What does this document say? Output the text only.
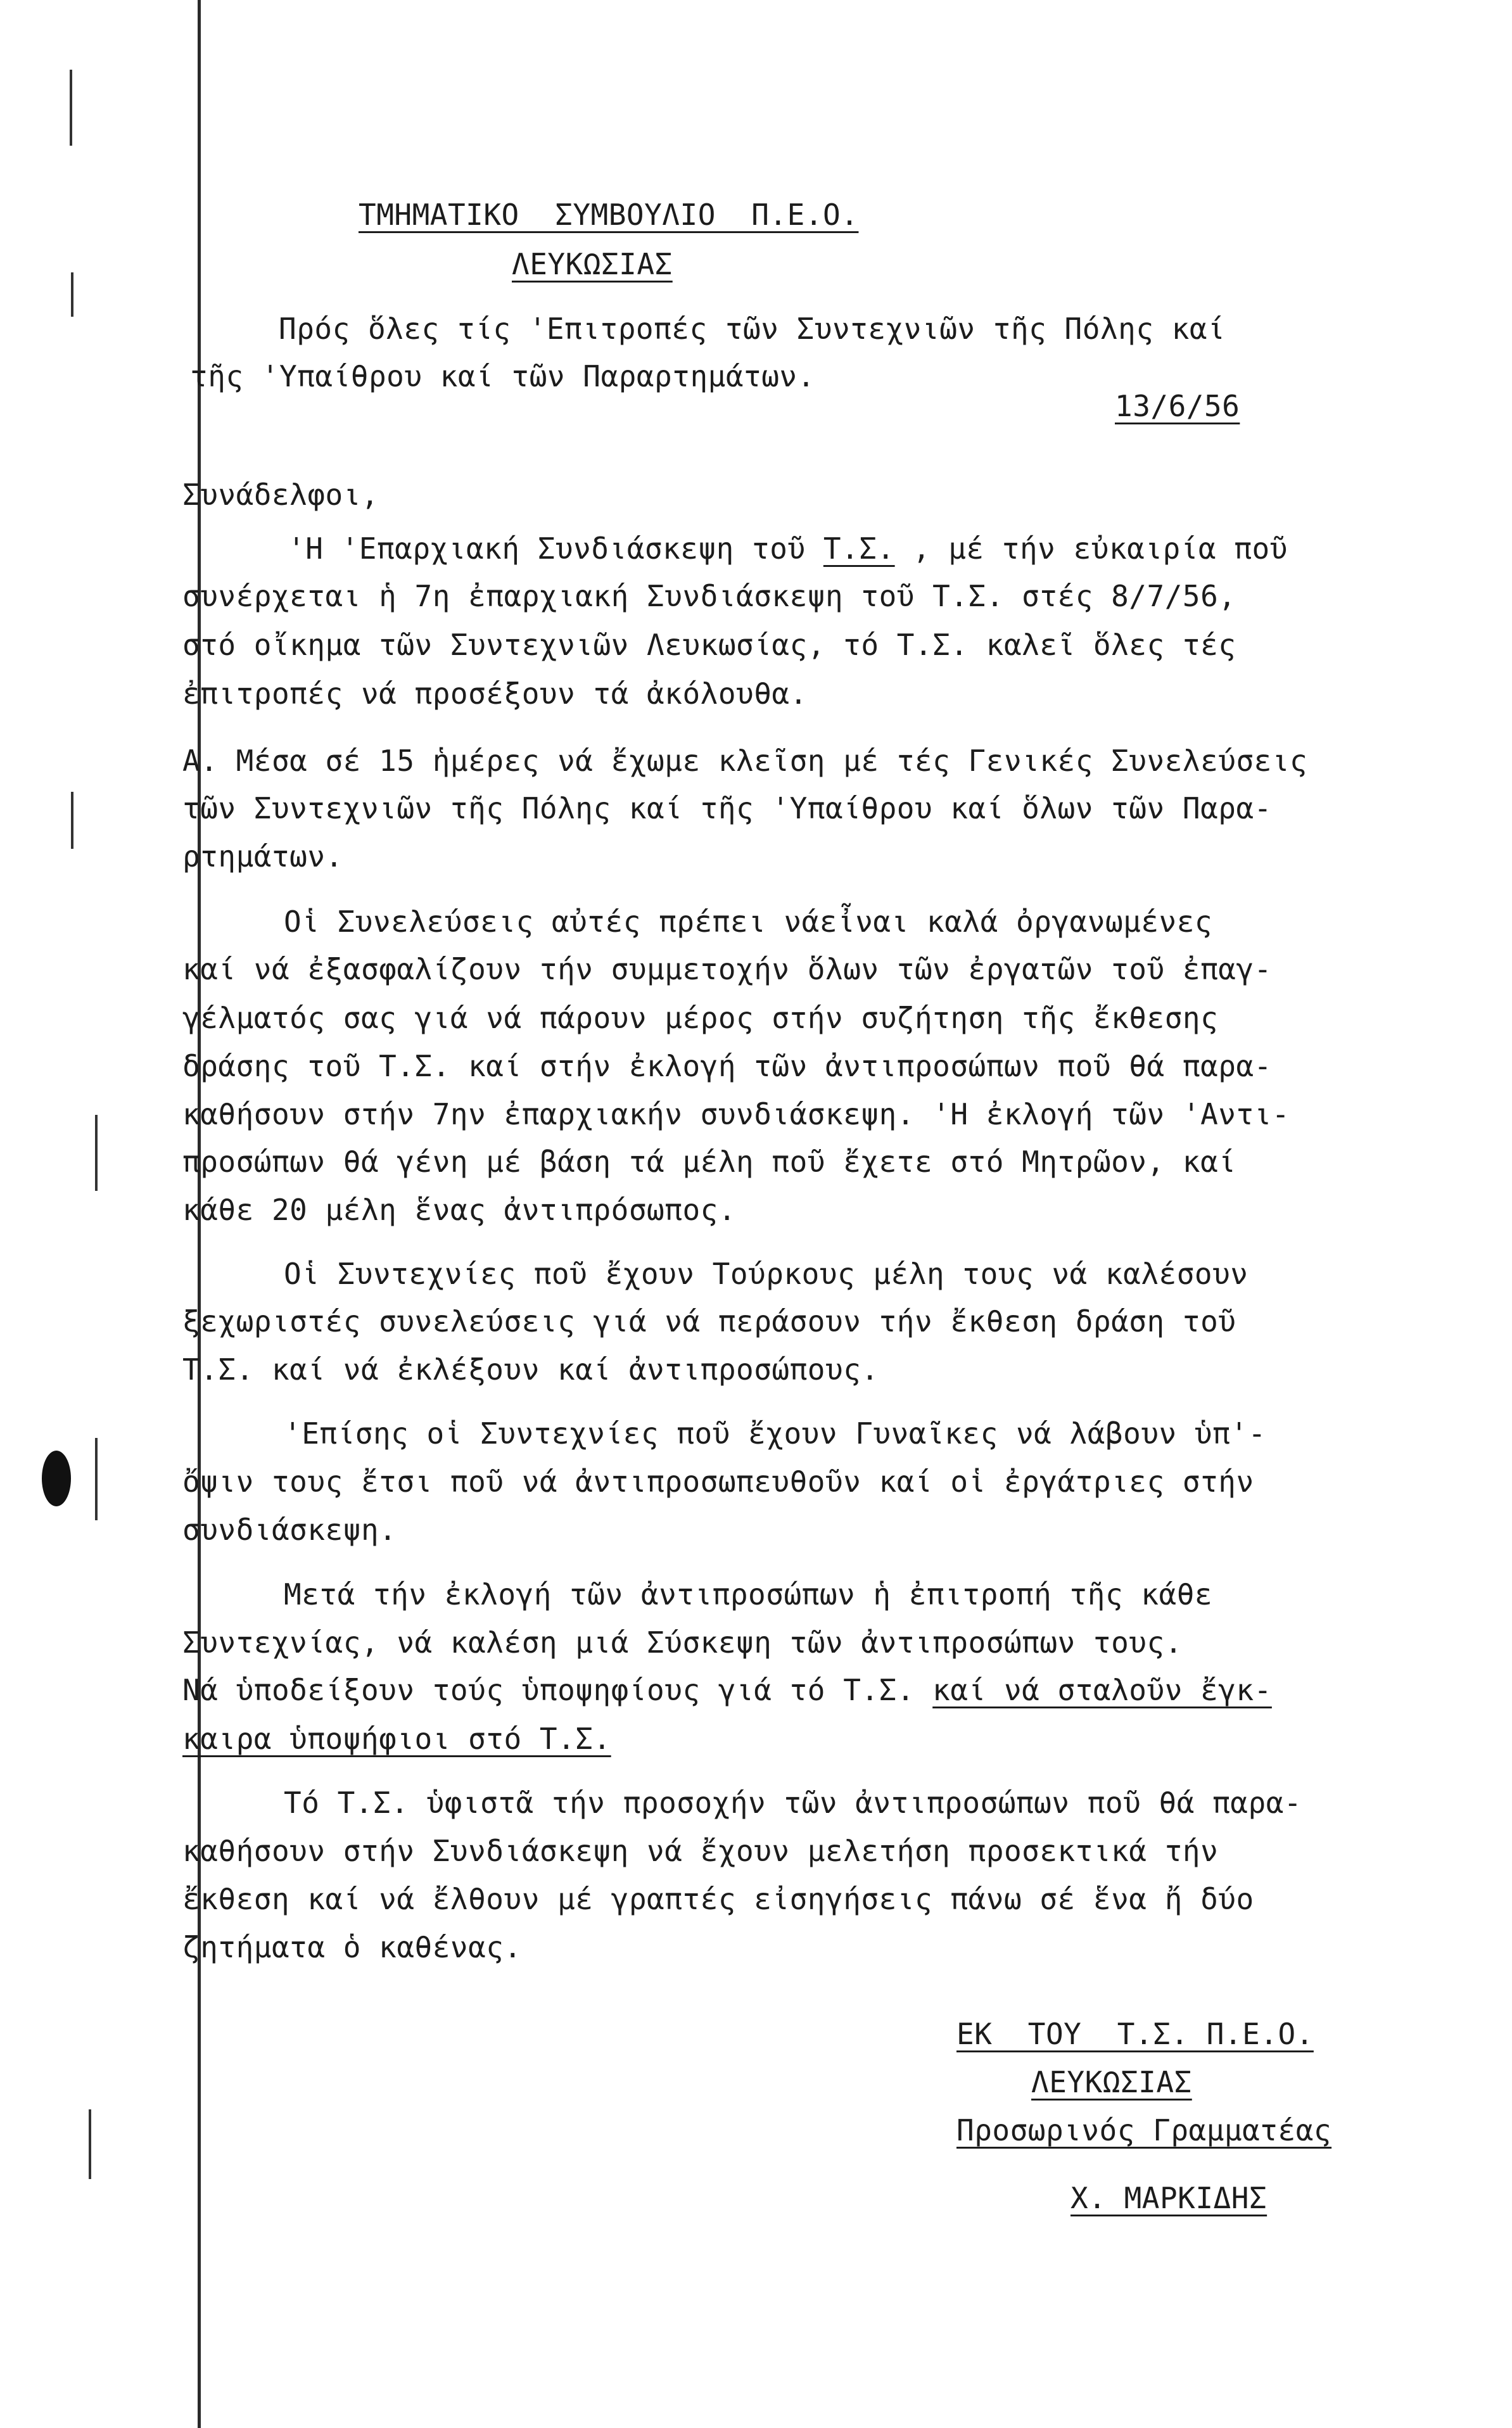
ΤΜΗΜΑΤΙΚΟ  ΣΥΜΒΟΥΛΙΟ  Π.Ε.Ο.
ΛΕΥΚΩΣΙΑΣ
Πρός ὅλες τίς 'Επιτροπές τῶν Συντεχνιῶν τῆς Πόλης καί
τῆς 'Υπαίθρου καί τῶν Παραρτημάτων.
13/6/56
Συνάδελφοι,
'Η 'Επαρχιακή Συνδιάσκεψη τοῦ Τ.Σ. , μέ τήν εὐκαιρία ποῦ
συνέρχεται ἡ 7η ἐπαρχιακή Συνδιάσκεψη τοῦ Τ.Σ. στές 8/7/56,
στό οἴκημα τῶν Συντεχνιῶν Λευκωσίας, τό Τ.Σ. καλεῖ ὅλες τές
ἐπιτροπές νά προσέξουν τά ἀκόλουθα.
Α. Μέσα σέ 15 ἡμέρες νά ἔχωμε κλεῖση μέ τές Γενικές Συνελεύσεις
τῶν Συντεχνιῶν τῆς Πόλης καί τῆς 'Υπαίθρου καί ὅλων τῶν Παρα-
ρτημάτων.
Οἱ Συνελεύσεις αὐτές πρέπει νάεἶναι καλά ὀργανωμένες
καί νά ἐξασφαλίζουν τήν συμμετοχήν ὅλων τῶν ἐργατῶν τοῦ ἐπαγ-
γέλματός σας γιά νά πάρουν μέρος στήν συζήτηση τῆς ἔκθεσης
δράσης τοῦ Τ.Σ. καί στήν ἐκλογή τῶν ἀντιπροσώπων ποῦ θά παρα-
καθήσουν στήν 7ην ἐπαρχιακήν συνδιάσκεψη. 'Η ἐκλογή τῶν 'Αντι-
προσώπων θά γένη μέ βάση τά μέλη ποῦ ἔχετε στό Μητρῶον, καί
κάθε 20 μέλη ἕνας ἀντιπρόσωπος.
Οἱ Συντεχνίες ποῦ ἔχουν Τούρκους μέλη τους νά καλέσουν
ξεχωριστές συνελεύσεις γιά νά περάσουν τήν ἔκθεση δράση τοῦ
Τ.Σ. καί νά ἐκλέξουν καί ἀντιπροσώπους.
'Επίσης οἱ Συντεχνίες ποῦ ἔχουν Γυναῖκες νά λάβουν ὑπ'-
ὄψιν τους ἔτσι ποῦ νά ἀντιπροσωπευθοῦν καί οἱ ἐργάτριες στήν
συνδιάσκεψη.
Μετά τήν ἐκλογή τῶν ἀντιπροσώπων ἡ ἐπιτροπή τῆς κάθε
Συντεχνίας, νά καλέση μιά Σύσκεψη τῶν ἀντιπροσώπων τους.
Νά ὑποδείξουν τούς ὑποψηφίους γιά τό Τ.Σ. καί νά σταλοῦν ἔγκ-
καιρα ὑποψήφιοι στό Τ.Σ.
Τό Τ.Σ. ὑφιστᾶ τήν προσοχήν τῶν ἀντιπροσώπων ποῦ θά παρα-
καθήσουν στήν Συνδιάσκεψη νά ἔχουν μελετήση προσεκτικά τήν
ἔκθεση καί νά ἔλθουν μέ γραπτές εἰσηγήσεις πάνω σέ ἕνα ἤ δύο
ζητήματα ὁ καθένας.
ΕΚ  ΤΟΥ  Τ.Σ. Π.Ε.Ο.
ΛΕΥΚΩΣΙΑΣ
Προσωρινός Γραμματέας
Χ. ΜΑΡΚΙΔΗΣ
